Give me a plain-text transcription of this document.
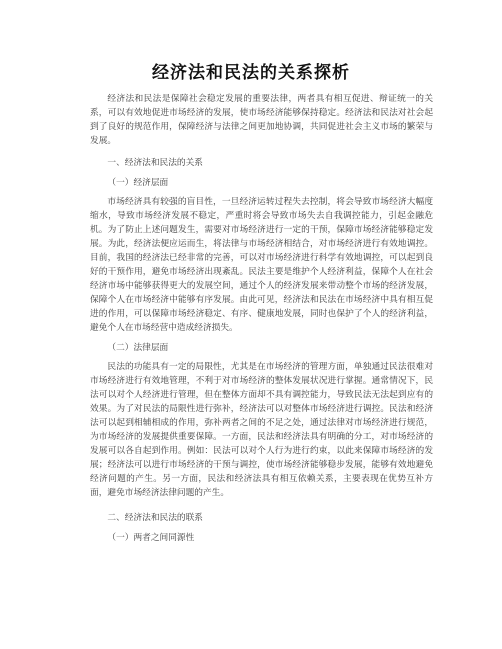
经济法和民法的关系探析

经济法和民法是保障社会稳定发展的重要法律，两者具有相互促进、辩证统一的关系，可以有效地促进市场经济的发展，使市场经济能够保持稳定。经济法和民法对社会起到了良好的规范作用，保障经济与法律之间更加地协调，共同促进社会主义市场的繁荣与发展。

一、经济法和民法的关系

（一）经济层面

市场经济具有较强的盲目性，一旦经济运转过程失去控制，将会导致市场经济大幅度缩水，导致市场经济发展不稳定，严重时将会导致市场失去自我调控能力，引起金融危机。为了防止上述问题发生，需要对市场经济进行一定的干预，保障市场经济能够稳定发展。为此，经济法便应运而生，将法律与市场经济相结合，对市场经济进行有效地调控。目前，我国的经济法已经非常的完善，可以对市场经济进行科学有效地调控，可以起到良好的干预作用，避免市场经济出现紊乱。民法主要是维护个人经济利益，保障个人在社会经济市场中能够获得更大的发展空间，通过个人的经济发展来带动整个市场的经济发展，保障个人在市场经济中能够有序发展。由此可见，经济法和民法在市场经济中具有相互促进的作用，可以保障市场经济稳定、有序、健康地发展，同时也保护了个人的经济利益，避免个人在市场经营中造成经济损失。

（二）法律层面

民法的功能具有一定的局限性，尤其是在市场经济的管理方面，单独通过民法很难对市场经济进行有效地管理，不利于对市场经济的整体发展状况进行掌握。通常情况下，民法可以对个人经济进行管理，但在整体方面却不具有调控能力，导致民法无法起到应有的效果。为了对民法的局限性进行弥补，经济法可以对整体市场经济进行调控。民法和经济法可以起到相辅相成的作用，弥补两者之间的不足之处，通过法律对市场经济进行规范，为市场经济的发展提供重要保障。一方面，民法和经济法具有明确的分工，对市场经济的发展可以各自起到作用。例如：民法可以对个人行为进行约束，以此来保障市场经济的发展；经济法可以进行市场经济的干预与调控，使市场经济能够稳步发展，能够有效地避免经济问题的产生。另一方面，民法和经济法具有相互依赖关系，主要表现在优势互补方面，避免市场经济法律问题的产生。

二、经济法和民法的联系

（一）两者之间同源性
